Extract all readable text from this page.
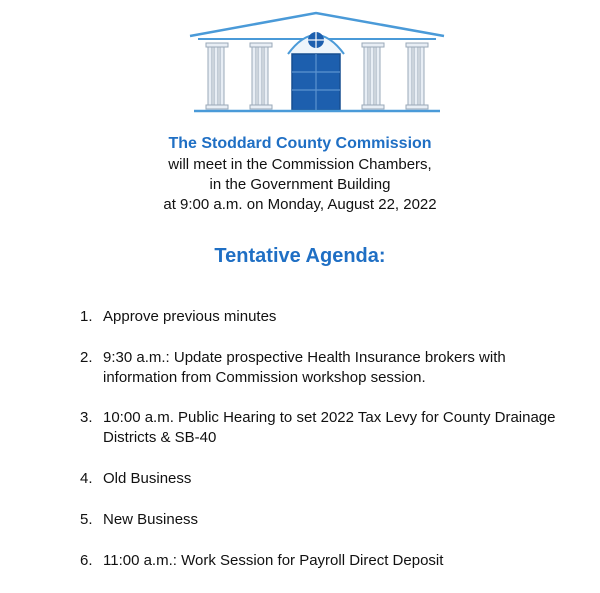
The Stoddard County Commission
will meet in the Commission Chambers,
in the Government Building
at 9:00 a.m. on Monday, August 22, 2022
Tentative Agenda:
1. Approve previous minutes
2. 9:30 a.m.: Update prospective Health Insurance brokers with information from Commission workshop session.
3. 10:00 a.m. Public Hearing to set 2022 Tax Levy for County Drainage Districts & SB-40
4. Old Business
5. New Business
6. 11:00 a.m.: Work Session for Payroll Direct Deposit
